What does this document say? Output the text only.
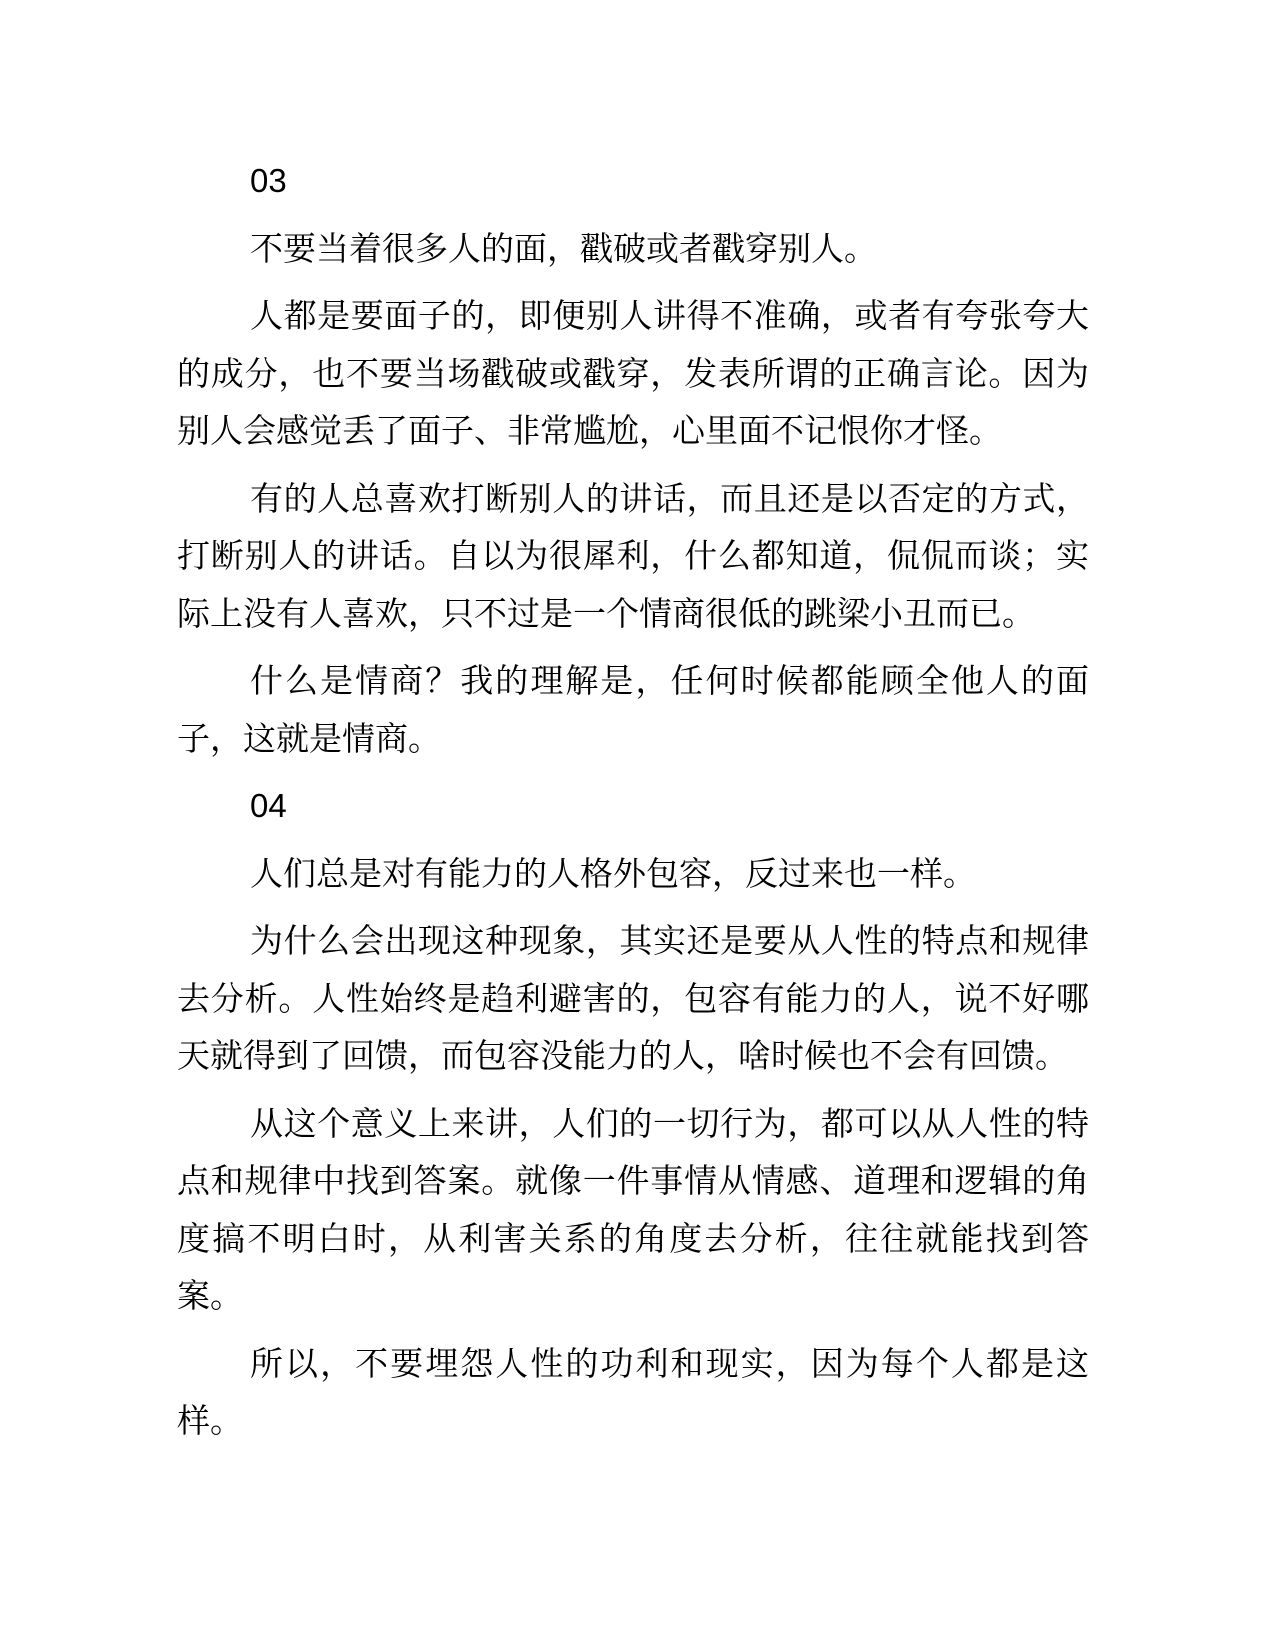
03

不要当着很多人的面，戳破或者戳穿别人。

人都是要面子的，即便别人讲得不准确，或者有夸张夸大的成分，也不要当场戳破或戳穿，发表所谓的正确言论。因为别人会感觉丢了面子、非常尴尬，心里面不记恨你才怪。

有的人总喜欢打断别人的讲话，而且还是以否定的方式，打断别人的讲话。自以为很犀利，什么都知道，侃侃而谈；实际上没有人喜欢，只不过是一个情商很低的跳梁小丑而已。

什么是情商？我的理解是，任何时候都能顾全他人的面子，这就是情商。

04

人们总是对有能力的人格外包容，反过来也一样。

为什么会出现这种现象，其实还是要从人性的特点和规律去分析。人性始终是趋利避害的，包容有能力的人，说不好哪天就得到了回馈，而包容没能力的人，啥时候也不会有回馈。

从这个意义上来讲，人们的一切行为，都可以从人性的特点和规律中找到答案。就像一件事情从情感、道理和逻辑的角度搞不明白时，从利害关系的角度去分析，往往就能找到答案。

所以，不要埋怨人性的功利和现实，因为每个人都是这样。
